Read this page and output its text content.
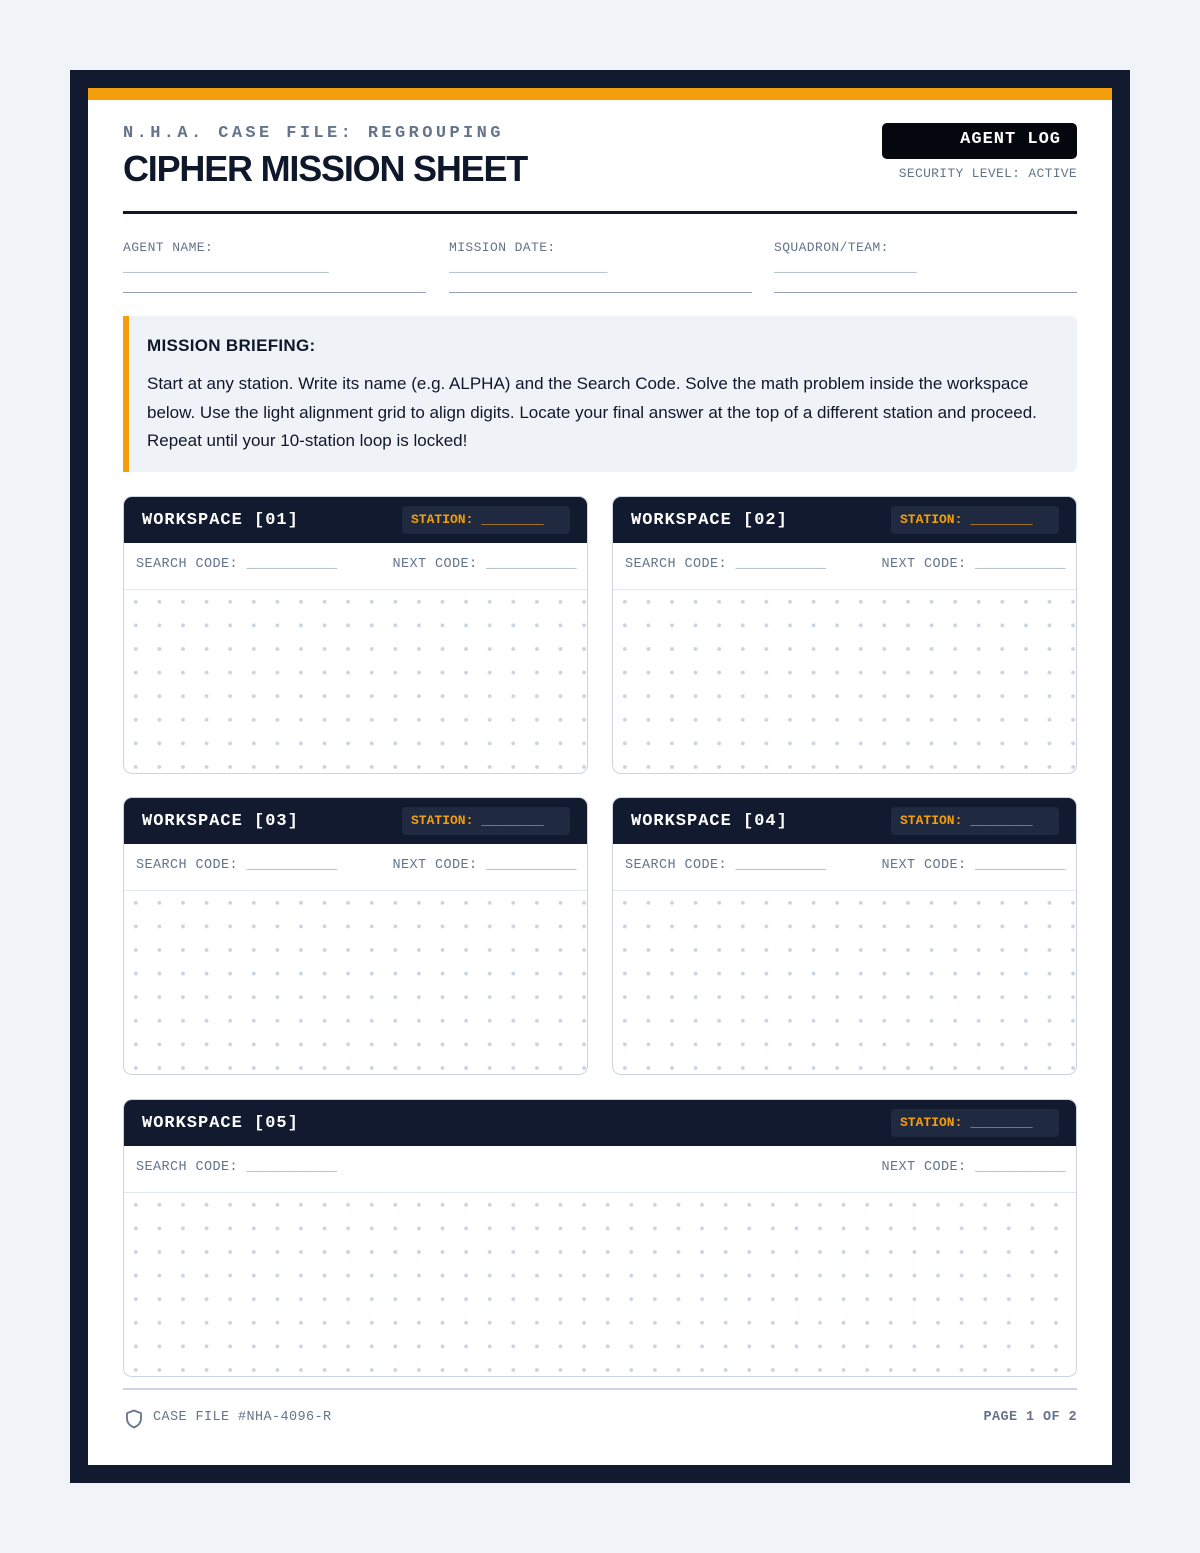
N.H.A. CASE FILE: REGROUPING
CIPHER MISSION SHEET
AGENT LOG
SECURITY LEVEL: ACTIVE
AGENT NAME:
__________________________
MISSION DATE:
____________________
SQUADRON/TEAM:
__________________
MISSION BRIEFING:
Start at any station. Write its name (e.g. ALPHA) and the Search Code. Solve the math problem inside the workspace below. Use the light alignment grid to align digits. Locate your final answer at the top of a different station and proceed. Repeat until your 10-station loop is locked!
WORKSPACE [01]	STATION: ________
SEARCH CODE: ____________	NEXT CODE: ____________
WORKSPACE [02]	STATION: ________
SEARCH CODE: ____________	NEXT CODE: ____________
WORKSPACE [03]	STATION: ________
SEARCH CODE: ____________	NEXT CODE: ____________
WORKSPACE [04]	STATION: ________
SEARCH CODE: ____________	NEXT CODE: ____________
WORKSPACE [05]	STATION: ________
SEARCH CODE: ____________	NEXT CODE: ____________
CASE FILE #NHA-4096-R	PAGE 1 OF 2
